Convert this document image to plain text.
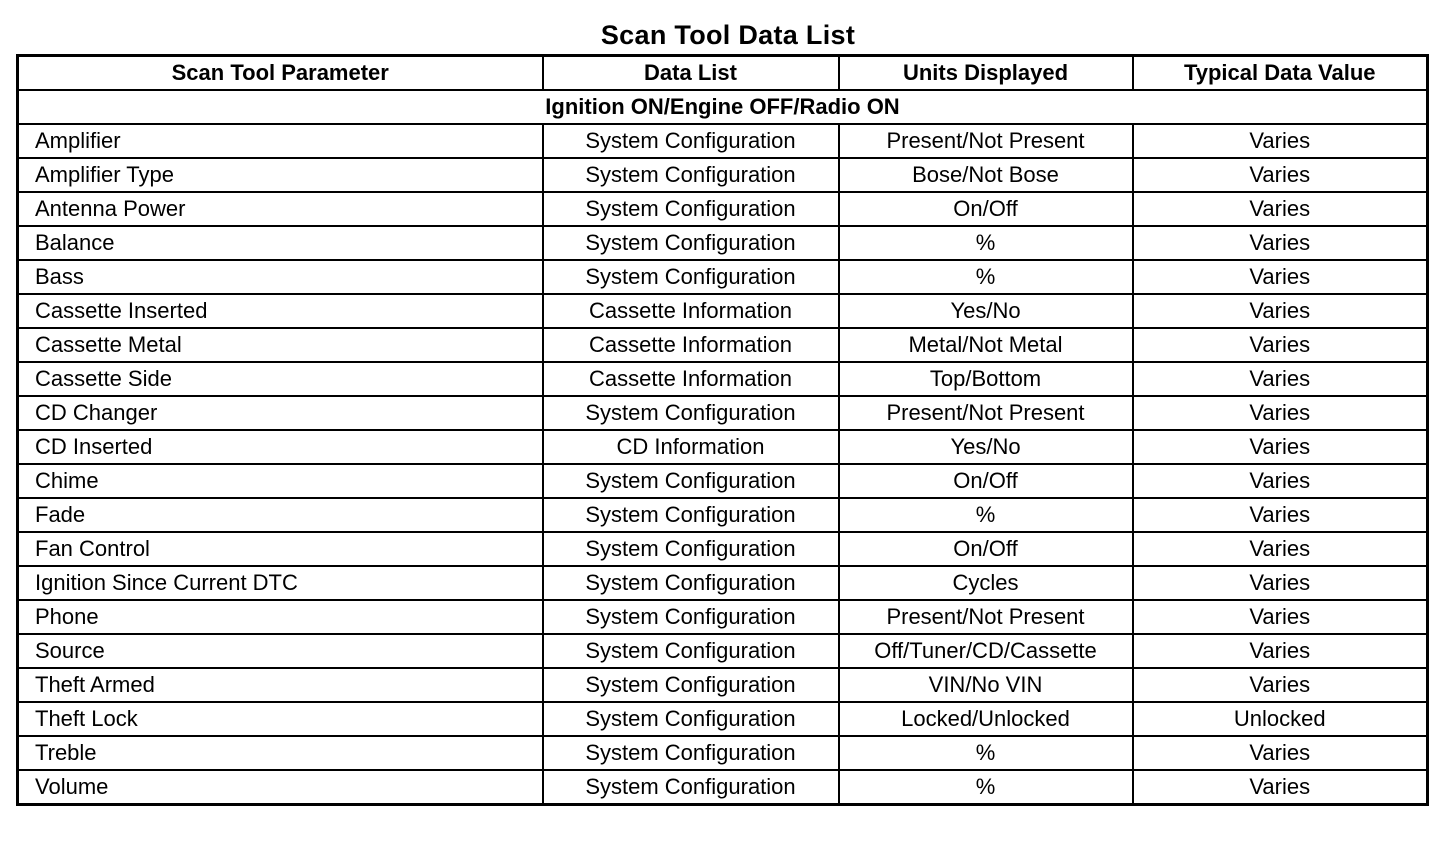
Scan Tool Data List
Scan Tool Parameter	Data List	Units Displayed	Typical Data Value
Ignition ON/Engine OFF/Radio ON			
Amplifier	System Configuration	Present/Not Present	Varies
Amplifier Type	System Configuration	Bose/Not Bose	Varies
Antenna Power	System Configuration	On/Off	Varies
Balance	System Configuration	%	Varies
Bass	System Configuration	%	Varies
Cassette Inserted	Cassette Information	Yes/No	Varies
Cassette Metal	Cassette Information	Metal/Not Metal	Varies
Cassette Side	Cassette Information	Top/Bottom	Varies
CD Changer	System Configuration	Present/Not Present	Varies
CD Inserted	CD Information	Yes/No	Varies
Chime	System Configuration	On/Off	Varies
Fade	System Configuration	%	Varies
Fan Control	System Configuration	On/Off	Varies
Ignition Since Current DTC	System Configuration	Cycles	Varies
Phone	System Configuration	Present/Not Present	Varies
Source	System Configuration	Off/Tuner/CD/Cassette	Varies
Theft Armed	System Configuration	VIN/No VIN	Varies
Theft Lock	System Configuration	Locked/Unlocked	Unlocked
Treble	System Configuration	%	Varies
Volume	System Configuration	%	Varies
